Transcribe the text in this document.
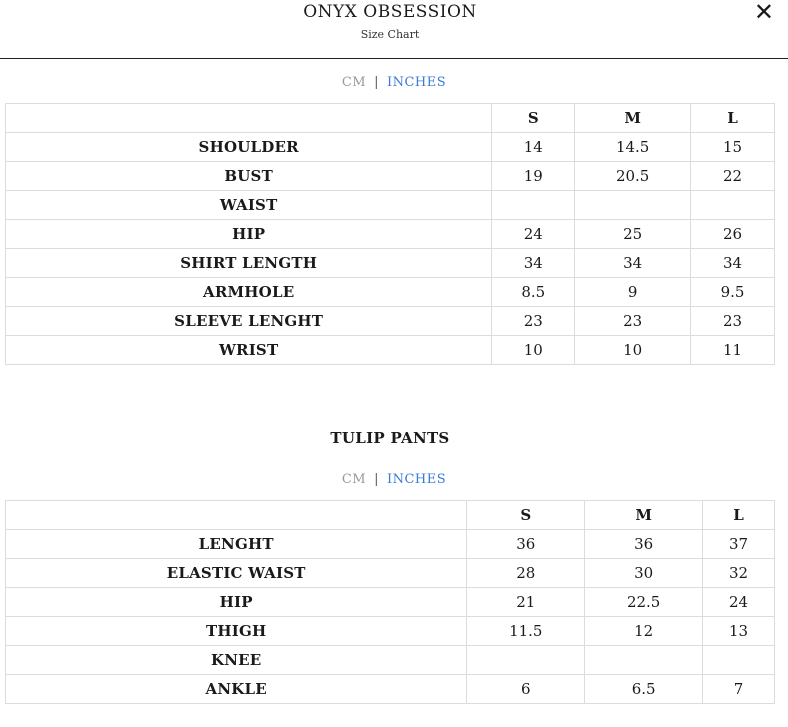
ONYX OBSESSION
Size Chart
✕
CM | INCHES
	S	M	L
SHOULDER	14	14.5	15
BUST	19	20.5	22
WAIST			
HIP	24	25	26
SHIRT LENGTH	34	34	34
ARMHOLE	8.5	9	9.5
SLEEVE LENGHT	23	23	23
WRIST	10	10	11
TULIP PANTS
CM | INCHES
	S	M	L
LENGHT	36	36	37
ELASTIC WAIST	28	30	32
HIP	21	22.5	24
THIGH	11.5	12	13
KNEE			
ANKLE	6	6.5	7
